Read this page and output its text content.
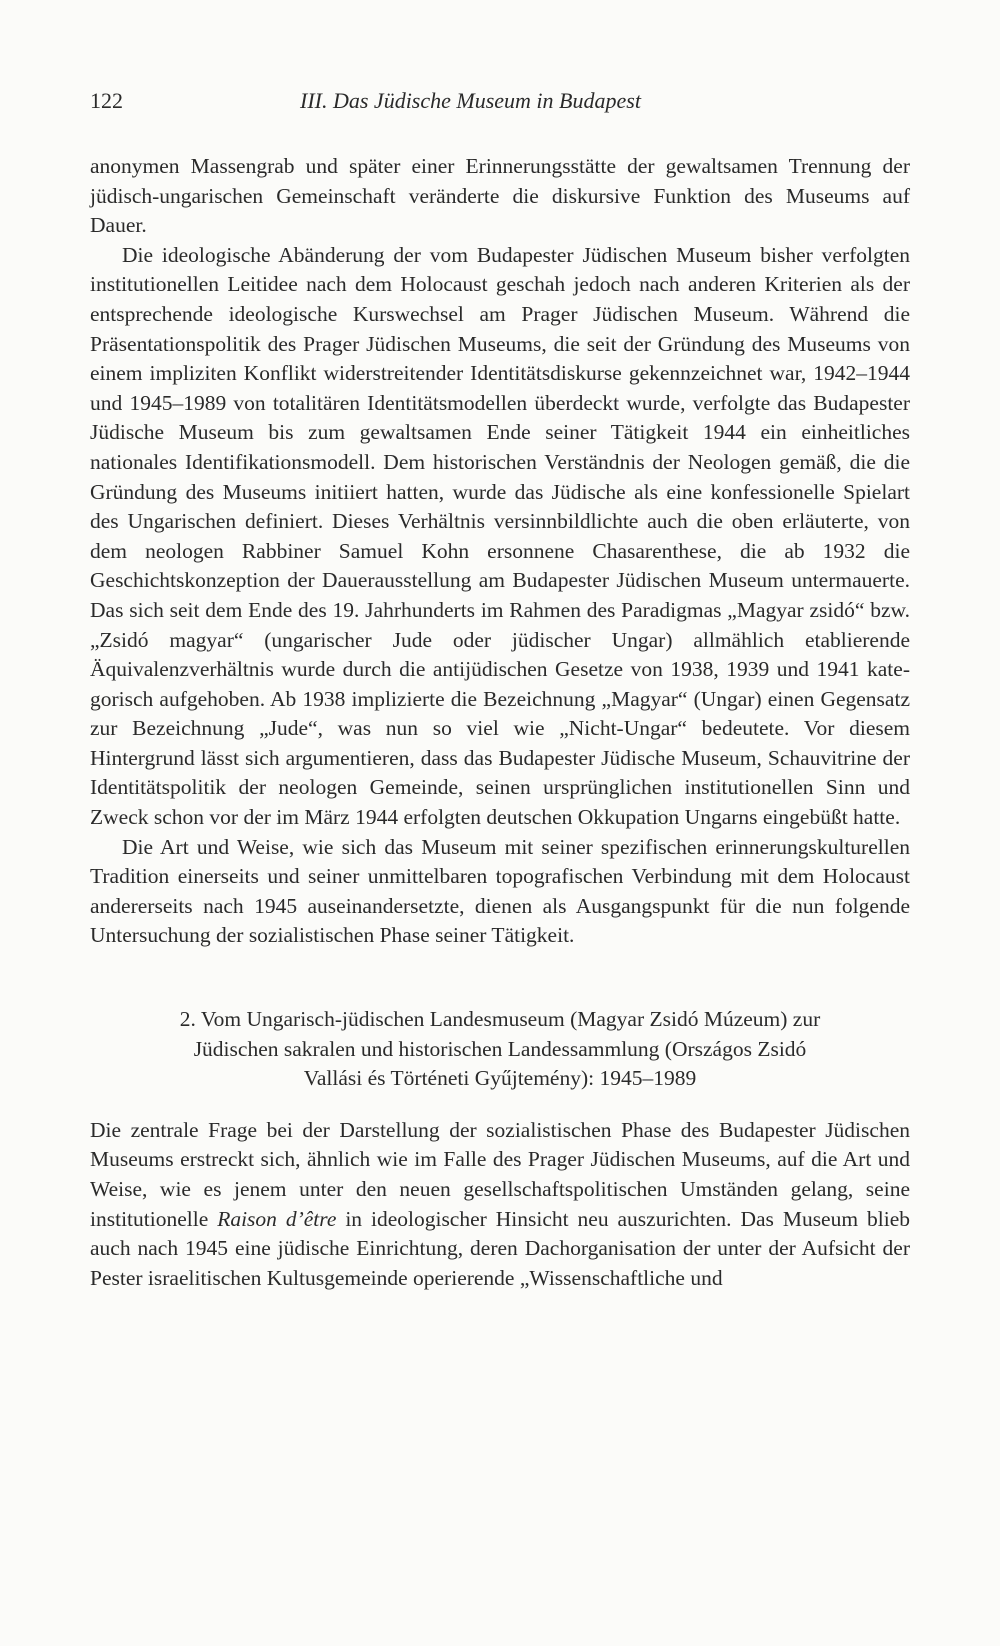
122	III. Das Jüdische Museum in Budapest

anonymen Massengrab und später einer Erinnerungsstätte der gewaltsamen Trennung der jüdisch-ungarischen Gemeinschaft veränderte die diskursive Funktion des Museums auf Dauer.

Die ideologische Abänderung der vom Budapester Jüdischen Museum bisher verfolgten institutionellen Leitidee nach dem Holocaust geschah jedoch nach anderen Kriterien als der entsprechende ideologische Kurswechsel am Prager Jüdischen Museum. Während die Präsentationspolitik des Prager Jüdischen Museums, die seit der Gründung des Museums von einem impliziten Konflikt widerstreitender Identitätsdiskurse gekennzeichnet war, 1942–1944 und 1945–1989 von totalitären Identitätsmodellen überdeckt wurde, verfolgte das Budapester Jüdische Museum bis zum gewaltsamen Ende seiner Tätigkeit 1944 ein einheitliches nationales Identifikationsmodell. Dem historischen Verständnis der Neologen gemäß, die die Gründung des Museums initiiert hatten, wurde das Jüdische als eine konfessionelle Spielart des Ungarischen definiert. Dieses Verhältnis versinnbildlichte auch die oben erläuterte, von dem neologen Rabbiner Samuel Kohn ersonnene Chasarenthese, die ab 1932 die Geschichtskonzeption der Dauerausstellung am Budapester Jüdischen Museum untermauerte. Das sich seit dem Ende des 19. Jahrhunderts im Rahmen des Paradigmas „Magyar zsidó“ bzw. „Zsidó magyar“ (ungarischer Jude oder jüdischer Ungar) allmählich etablierende Äquivalenzverhältnis wurde durch die antijüdischen Gesetze von 1938, 1939 und 1941 kategorisch aufgehoben. Ab 1938 implizierte die Bezeichnung „Magyar“ (Ungar) einen Gegensatz zur Bezeichnung „Jude“, was nun so viel wie „Nicht-Ungar“ bedeutete. Vor diesem Hintergrund lässt sich argumentieren, dass das Budapester Jüdische Museum, Schauvitrine der Identitätspolitik der neologen Gemeinde, seinen ursprünglichen institutionellen Sinn und Zweck schon vor der im März 1944 erfolgten deutschen Okkupation Ungarns eingebüßt hatte.

Die Art und Weise, wie sich das Museum mit seiner spezifischen erinnerungskulturellen Tradition einerseits und seiner unmittelbaren topografischen Verbindung mit dem Holocaust andererseits nach 1945 auseinandersetzte, dienen als Ausgangspunkt für die nun folgende Untersuchung der sozialistischen Phase seiner Tätigkeit.

2. Vom Ungarisch-jüdischen Landesmuseum (Magyar Zsidó Múzeum) zur
Jüdischen sakralen und historischen Landessammlung (Országos Zsidó
Vallási és Történeti Gyűjtemény): 1945–1989

Die zentrale Frage bei der Darstellung der sozialistischen Phase des Budapester Jüdischen Museums erstreckt sich, ähnlich wie im Falle des Prager Jüdischen Museums, auf die Art und Weise, wie es jenem unter den neuen gesellschaftspolitischen Umständen gelang, seine institutionelle Raison d’être in ideologischer Hinsicht neu auszurichten. Das Museum blieb auch nach 1945 eine jüdische Einrichtung, deren Dachorganisation der unter der Aufsicht der Pester israelitischen Kultusgemeinde operierende „Wissenschaftliche und
